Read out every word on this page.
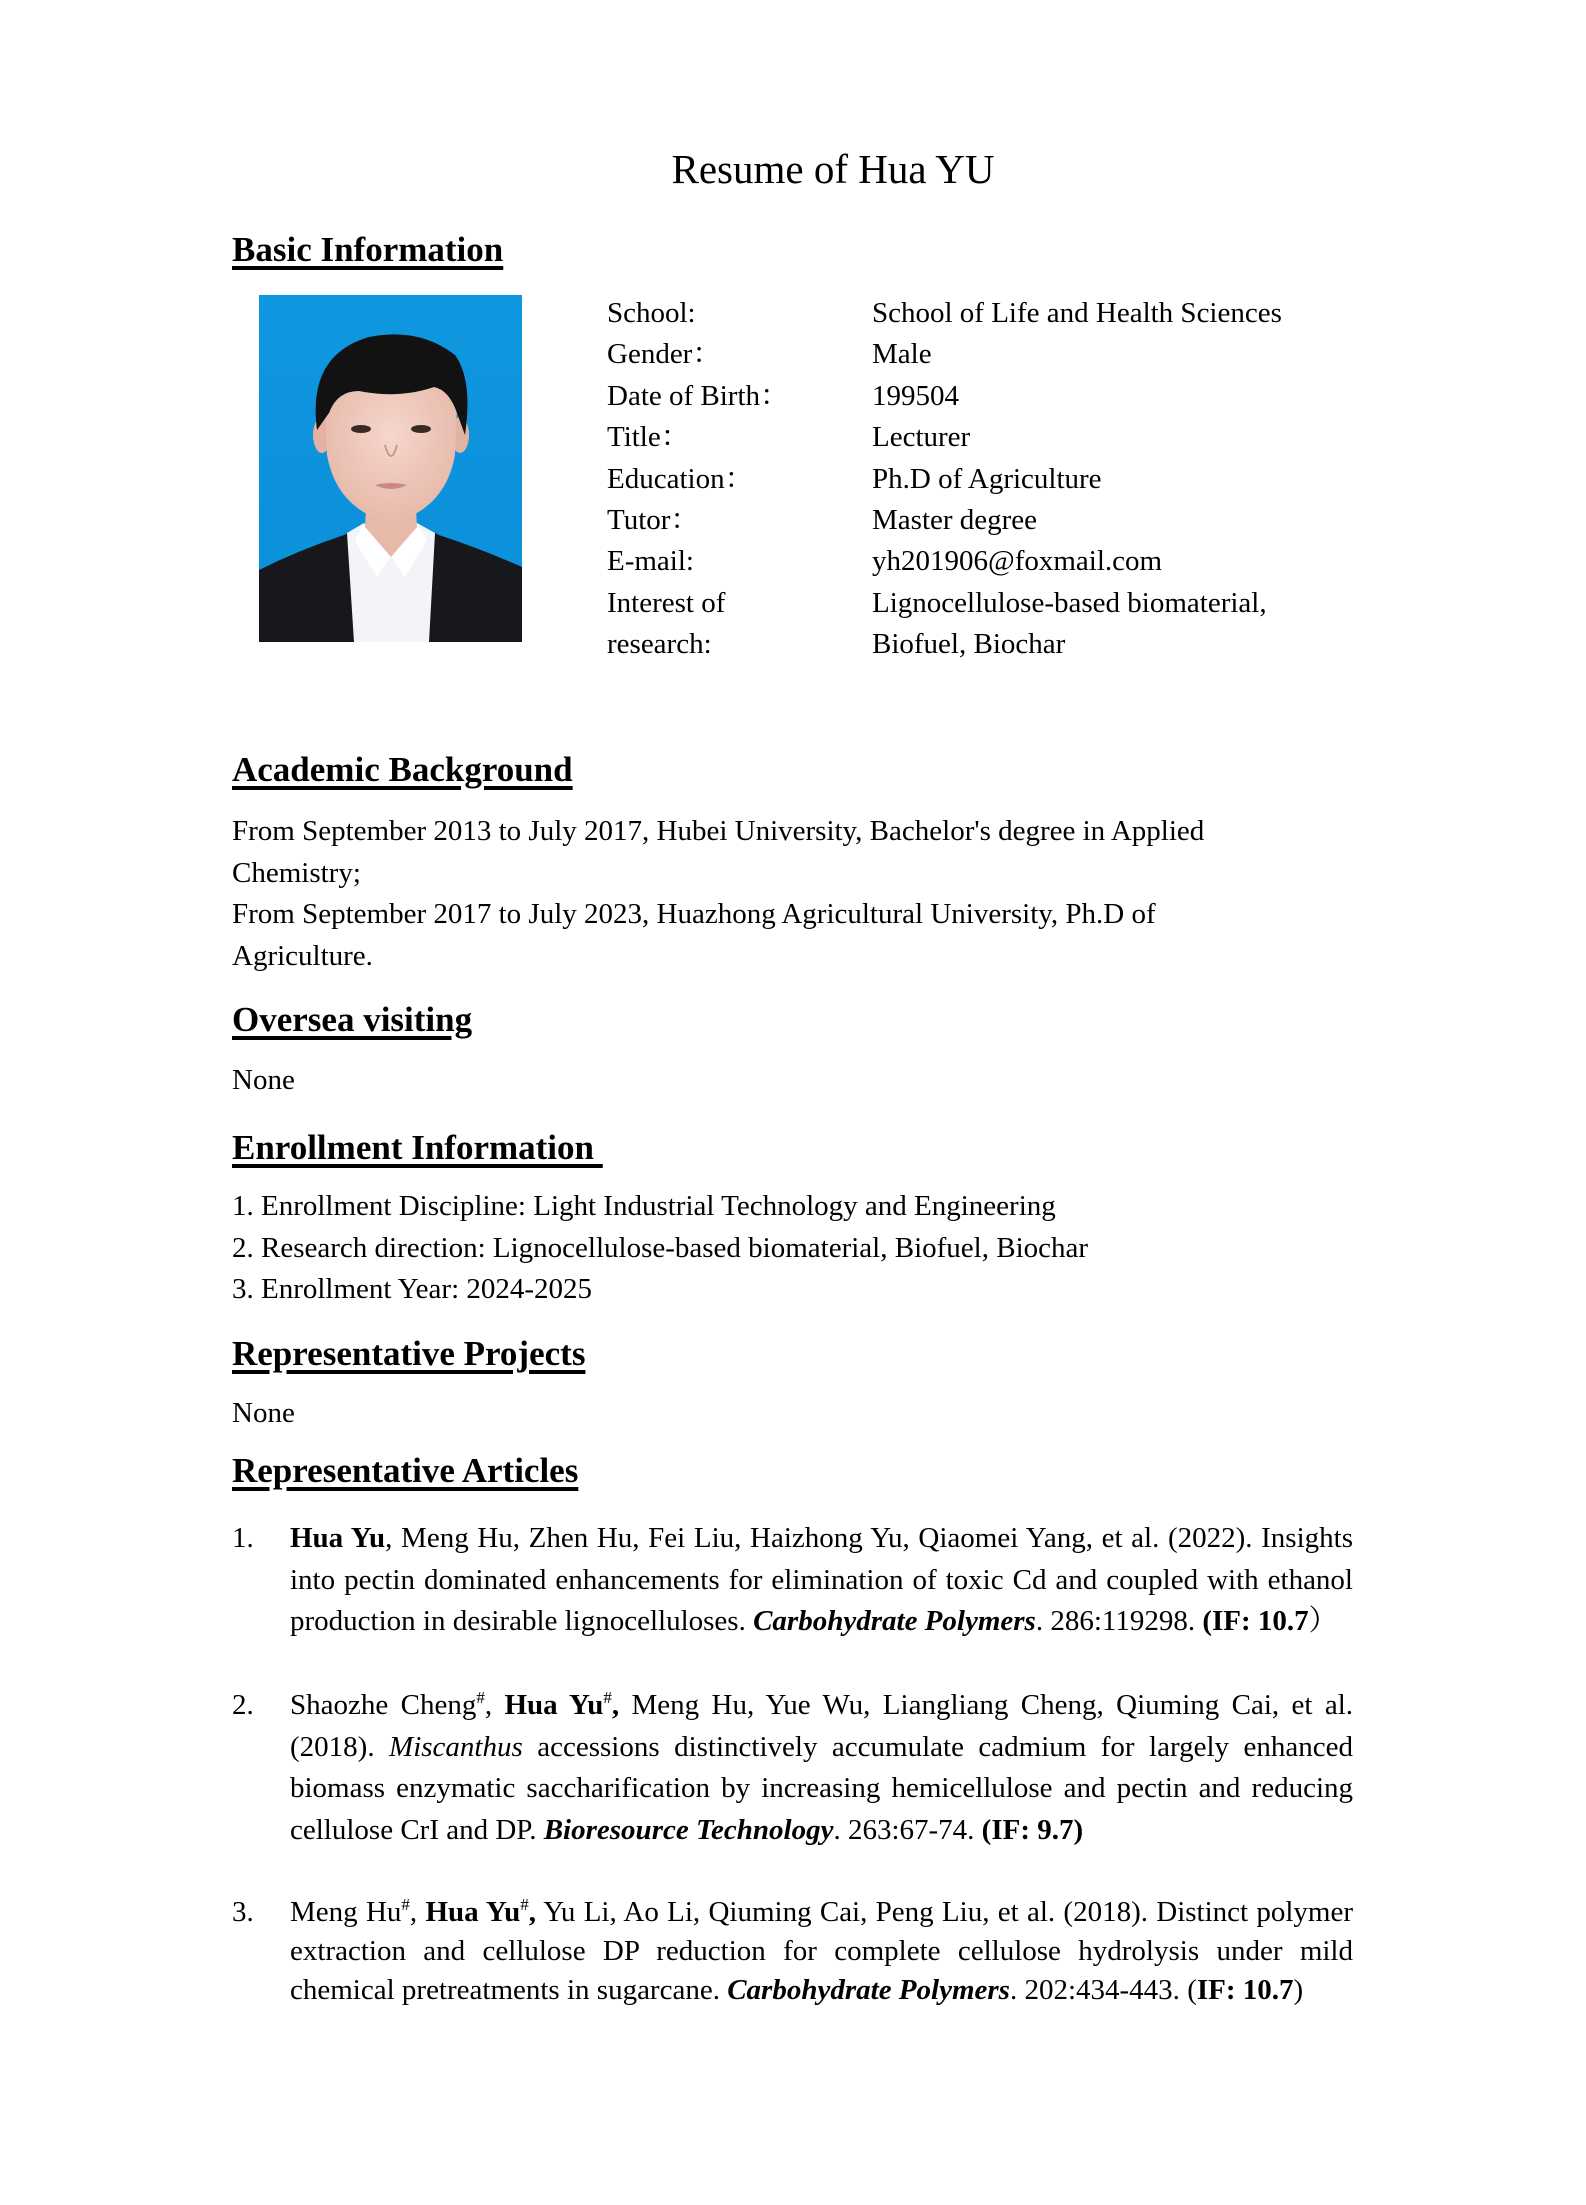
Resume of Hua YU
Basic Information
School:	School of Life and Health Sciences
Gender：	Male
Date of Birth：	199504
Title：	Lecturer
Education：	Ph.D of Agriculture
Tutor：	Master degree
E-mail:	yh201906@foxmail.com
Interest of	Lignocellulose-based biomaterial,
research:	Biofuel, Biochar
Academic Background
From September 2013 to July 2017, Hubei University, Bachelor's degree in Applied
Chemistry;
From September 2017 to July 2023, Huazhong Agricultural University, Ph.D of
Agriculture.
Oversea visiting
None
Enrollment Information
1. Enrollment Discipline: Light Industrial Technology and Engineering
2. Research direction: Lignocellulose-based biomaterial, Biofuel, Biochar
3. Enrollment Year: 2024-2025
Representative Projects
None
Representative Articles
1.	Hua Yu, Meng Hu, Zhen Hu, Fei Liu, Haizhong Yu, Qiaomei Yang, et al. (2022). Insights into pectin dominated enhancements for elimination of toxic Cd and coupled with ethanol production in desirable lignocelluloses. Carbohydrate Polymers. 286:119298. (IF: 10.7）
2.	Shaozhe Cheng#, Hua Yu#, Meng Hu, Yue Wu, Liangliang Cheng, Qiuming Cai, et al. (2018). Miscanthus accessions distinctively accumulate cadmium for largely enhanced biomass enzymatic saccharification by increasing hemicellulose and pectin and reducing cellulose CrI and DP. Bioresource Technology. 263:67-74. (IF: 9.7)
3.	Meng Hu#, Hua Yu#, Yu Li, Ao Li, Qiuming Cai, Peng Liu, et al. (2018). Distinct polymer extraction and cellulose DP reduction for complete cellulose hydrolysis under mild chemical pretreatments in sugarcane. Carbohydrate Polymers. 202:434-443. (IF: 10.7)
